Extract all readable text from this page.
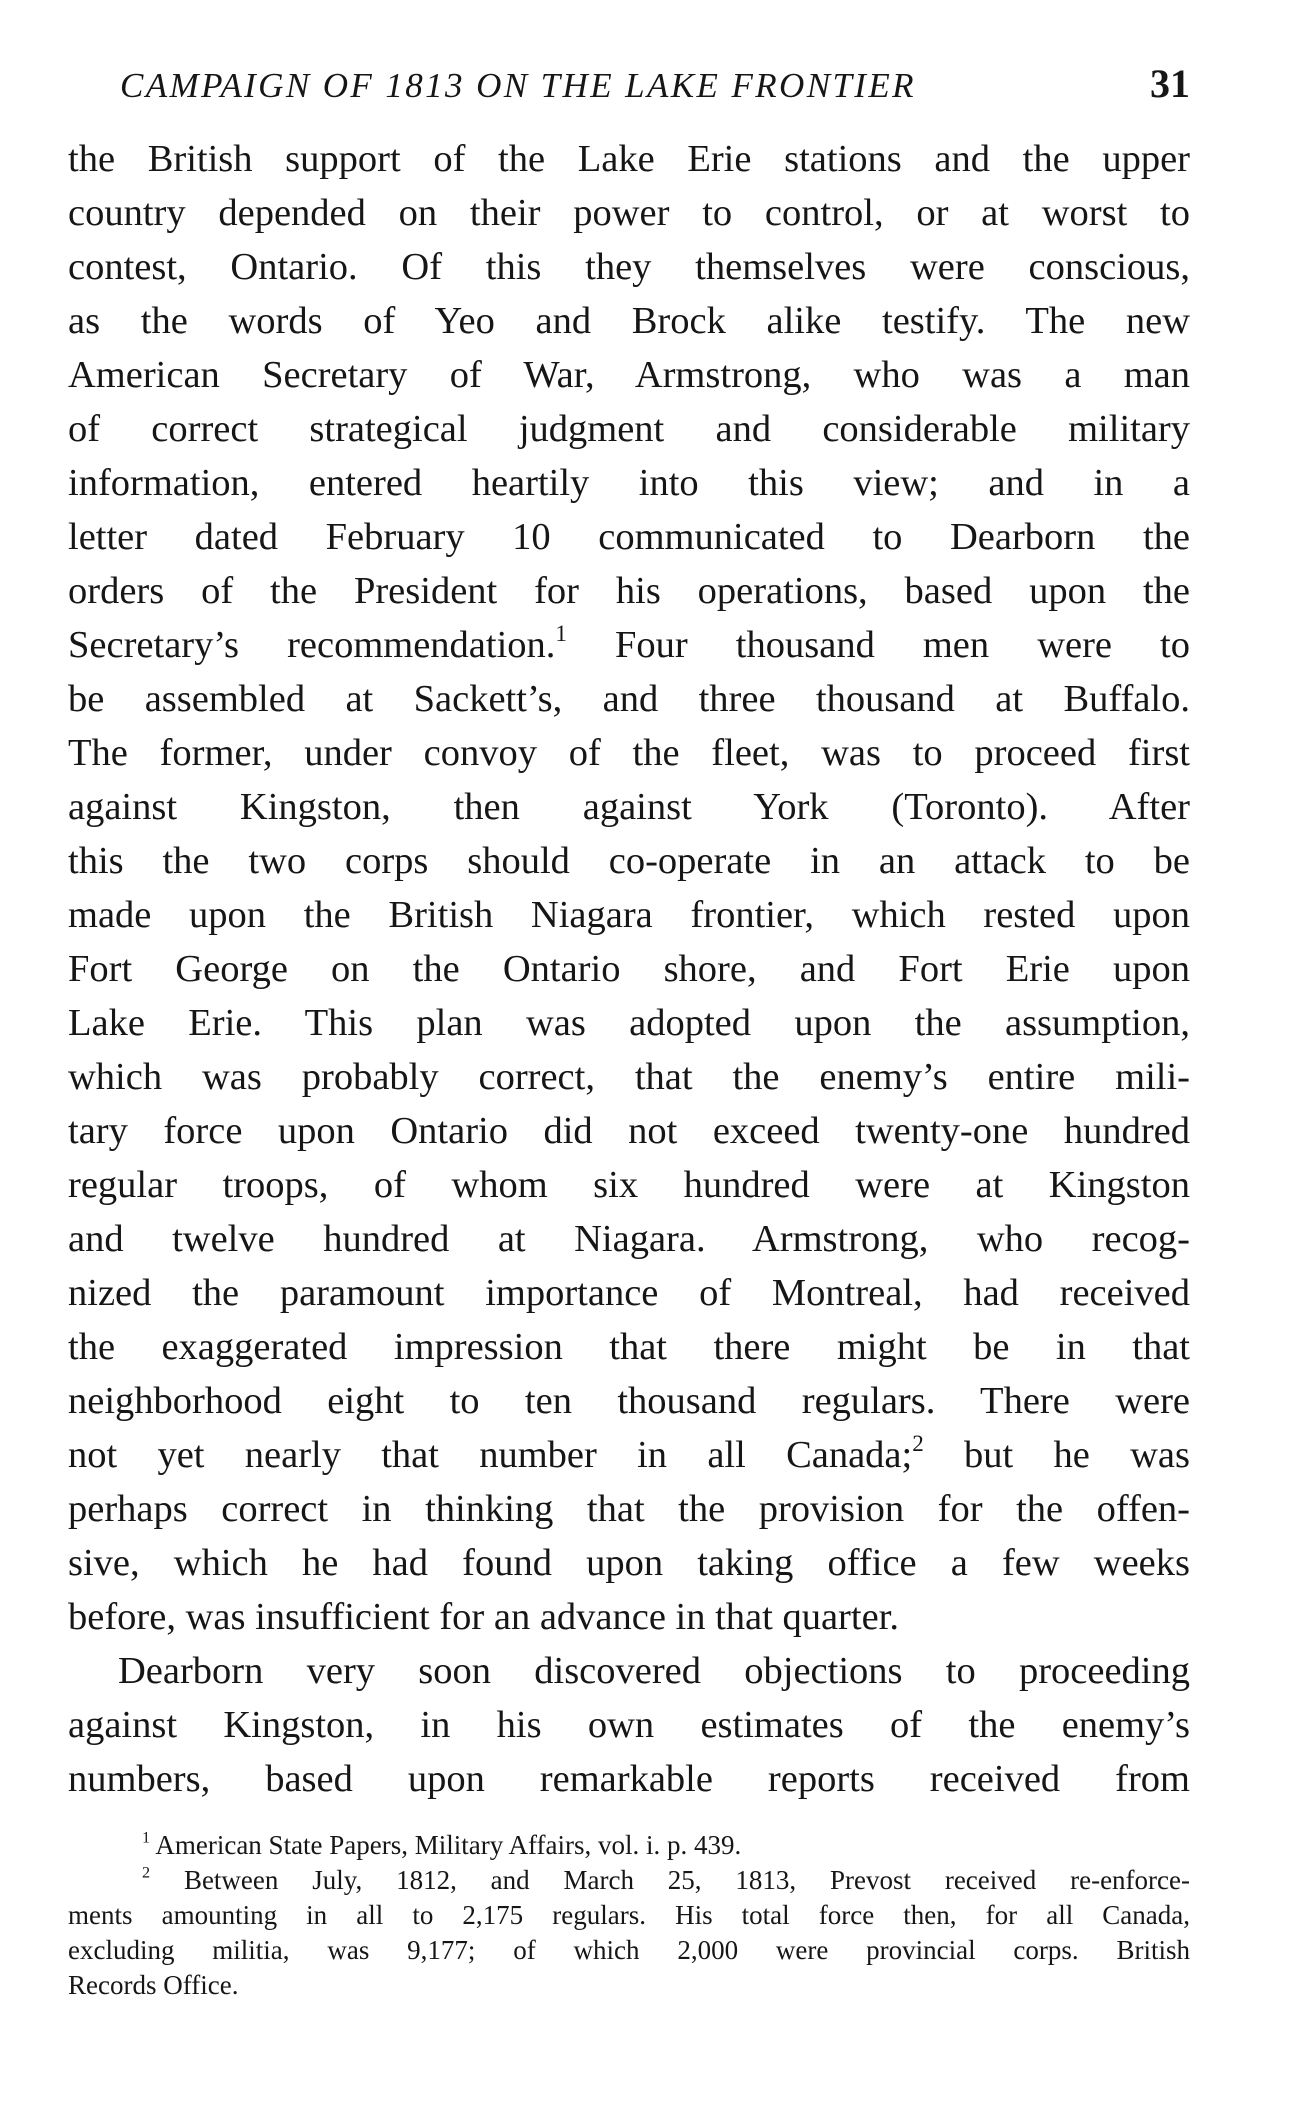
CAMPAIGN OF 1813 ON THE LAKE FRONTIER	31
the British support of the Lake Erie stations and the upper
country depended on their power to control, or at worst to
contest, Ontario. Of this they themselves were conscious,
as the words of Yeo and Brock alike testify. The new
American Secretary of War, Armstrong, who was a man
of correct strategical judgment and considerable military
information, entered heartily into this view; and in a
letter dated February 10 communicated to Dearborn the
orders of the President for his operations, based upon the
Secretary’s recommendation.$^1$ Four thousand men were to
be assembled at Sackett’s, and three thousand at Buffalo.
The former, under convoy of the fleet, was to proceed first
against Kingston, then against York (Toronto). After
this the two corps should co-operate in an attack to be
made upon the British Niagara frontier, which rested upon
Fort George on the Ontario shore, and Fort Erie upon
Lake Erie. This plan was adopted upon the assumption,
which was probably correct, that the enemy’s entire mili-
tary force upon Ontario did not exceed twenty-one hundred
regular troops, of whom six hundred were at Kingston
and twelve hundred at Niagara. Armstrong, who recog-
nized the paramount importance of Montreal, had received
the exaggerated impression that there might be in that
neighborhood eight to ten thousand regulars. There were
not yet nearly that number in all Canada;$^2$ but he was
perhaps correct in thinking that the provision for the offen-
sive, which he had found upon taking office a few weeks
before, was insufficient for an advance in that quarter.
Dearborn very soon discovered objections to proceeding
against Kingston, in his own estimates of the enemy’s
numbers, based upon remarkable reports received from
$^1$ American State Papers, Military Affairs, vol. i. p. 439.
$^2$ Between July, 1812, and March 25, 1813, Prevost received re-enforce-
ments amounting in all to 2,175 regulars. His total force then, for all Canada,
excluding militia, was 9,177; of which 2,000 were provincial corps. British
Records Office.
